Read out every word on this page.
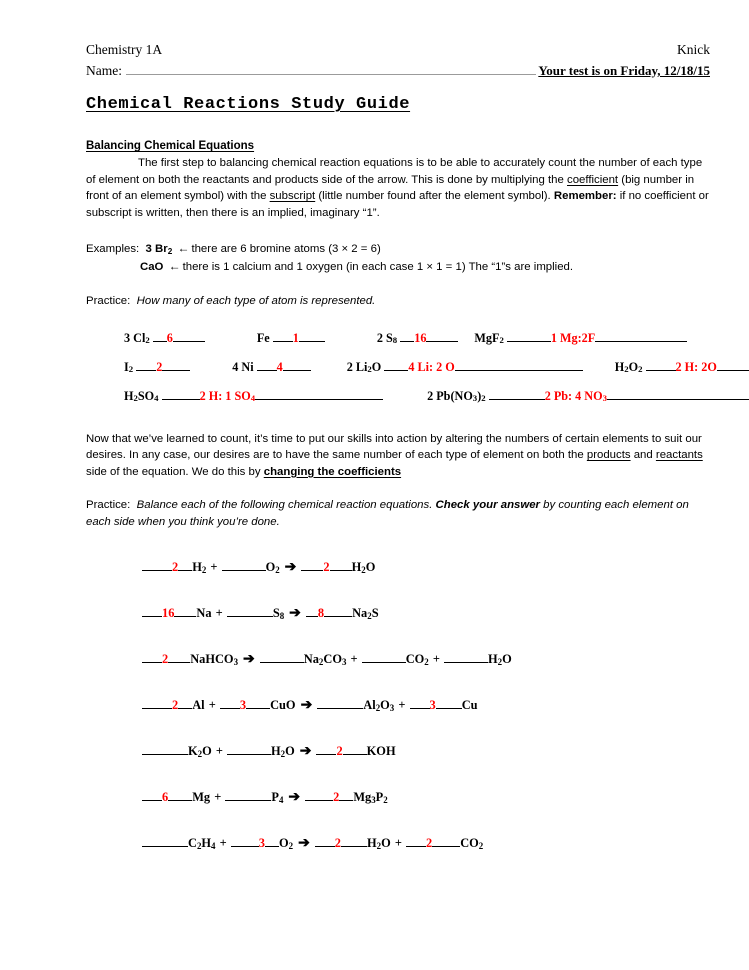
Chemistry 1A	Knick
Name:	Your test is on Friday, 12/18/15
Chemical Reactions Study Guide
Balancing Chemical Equations
The first step to balancing chemical reaction equations is to be able to accurately count the number of each type of element on both the reactants and products side of the arrow. This is done by multiplying the coefficient (big number in front of an element symbol) with the subscript (little number found after the element symbol). Remember: if no coefficient or subscript is written, then there is an implied, imaginary “1”.
Examples: 3 $Br_2$ ← there are 6 bromine atoms (3 × 2 = 6)
CaO ← there is 1 calcium and 1 oxygen (in each case 1 × 1 = 1) The “1”s are implied.
Practice: How many of each type of atom is represented.
3 $Cl_2$ 6	Fe 1	2 $S_8$ 16	MgF$_2$	1 Mg:2F
$I_2$ 2	4 Ni 4	2 $Li_2O$ 4 Li: 2 O	$H_2O_2$	2 H: 2O
$H_2SO_4$	2 H: 1 $SO_4$	2 $Pb(NO_3)_2$	2 Pb: 4 $NO_3$
Now that we’ve learned to count, it’s time to put our skills into action by altering the numbers of certain elements to suit our desires. In any case, our desires are to have the same number of each type of element on both the products and reactants side of the equation. We do this by changing the coefficients
Practice: Balance each of the following chemical reaction equations. Check your answer by counting each element on each side when you think you’re done.
2 $H_2$ +	$O_2$ ➔ 2 $H_2O$
16 Na +	$S_8$ ➔ 8 $Na_2S$
2 NaHCO$_3$ ➔	$Na_2CO_3$ +	$CO_2$ +	$H_2O$
2 Al + 3 CuO ➔	$Al_2O_3 + 3$ Cu
$K_2O$ +	$H_2O$ ➔ 2 KOH
6 Mg +	$P_4$ ➔	2 $Mg_3P_2$
$C_2H_4 + 3$ $O_2$ ➔ 2 $H_2O + 2$ $CO_2$
